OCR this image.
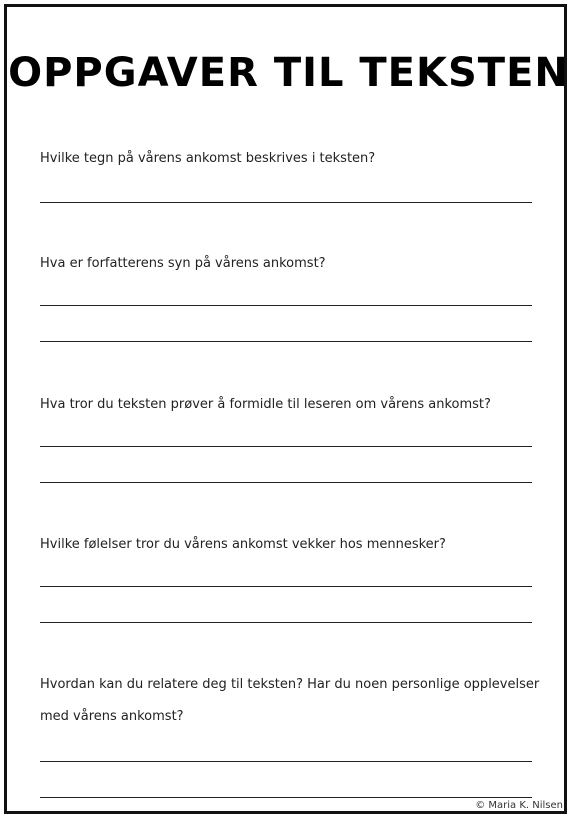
OPPGAVER TIL TEKSTEN
Hvilke tegn på vårens ankomst beskrives i teksten?
Hva er forfatterens syn på vårens ankomst?
Hva tror du teksten prøver å formidle til leseren om vårens ankomst?
Hvilke følelser tror du vårens ankomst vekker hos mennesker?
Hvordan kan du relatere deg til teksten? Har du noen personlige opplevelser med vårens ankomst?
© Maria K. Nilsen
